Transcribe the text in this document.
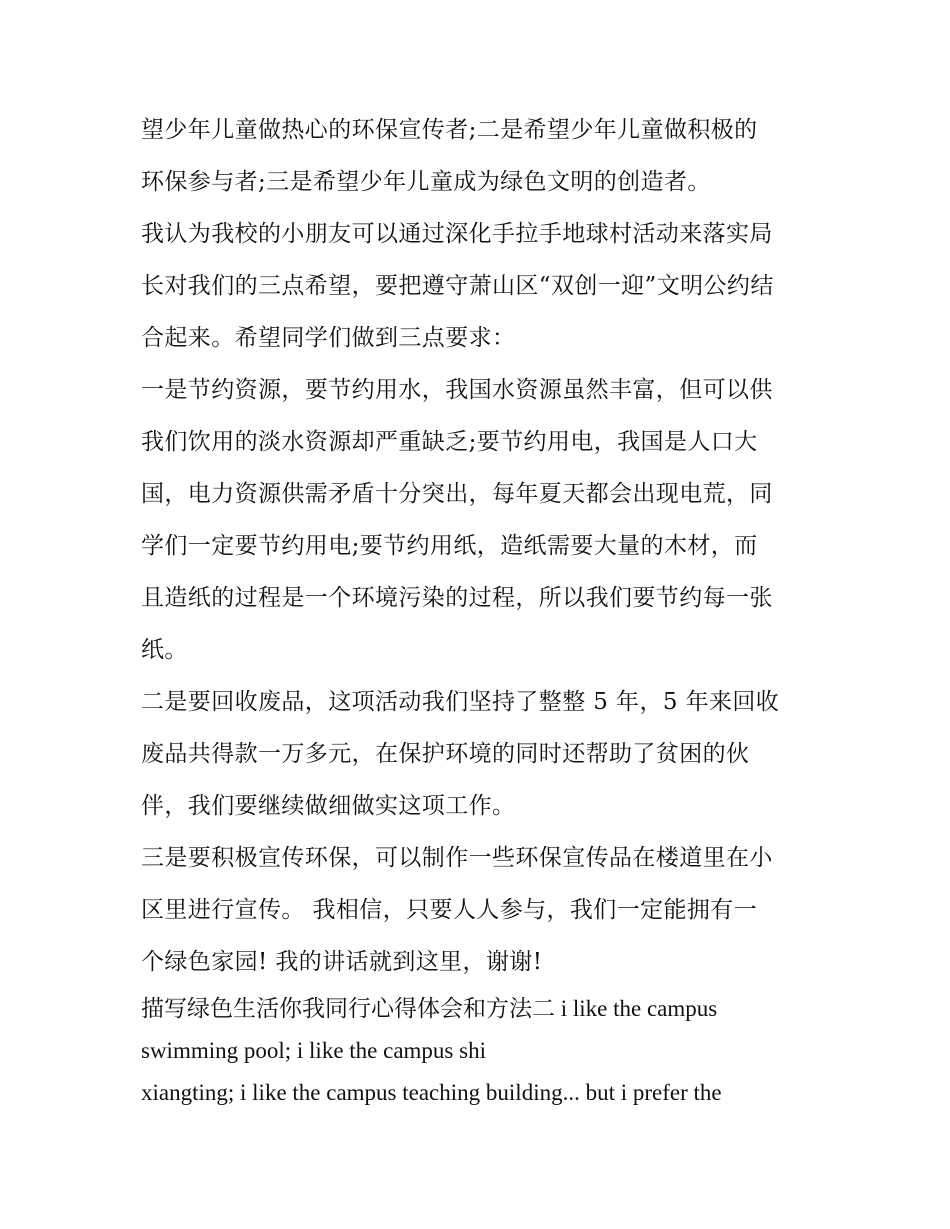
望少年儿童做热心的环保宣传者;二是希望少年儿童做积极的
环保参与者;三是希望少年儿童成为绿色文明的创造者。
我认为我校的小朋友可以通过深化手拉手地球村活动来落实局
长对我们的三点希望，要把遵守萧山区“双创一迎”文明公约结
合起来。希望同学们做到三点要求：
一是节约资源，要节约用水，我国水资源虽然丰富，但可以供
我们饮用的淡水资源却严重缺乏;要节约用电，我国是人口大
国，电力资源供需矛盾十分突出，每年夏天都会出现电荒，同
学们一定要节约用电;要节约用纸，造纸需要大量的木材，而
且造纸的过程是一个环境污染的过程，所以我们要节约每一张
纸。
二是要回收废品，这项活动我们坚持了整整 5 年，5 年来回收
废品共得款一万多元，在保护环境的同时还帮助了贫困的伙
伴，我们要继续做细做实这项工作。
三是要积极宣传环保，可以制作一些环保宣传品在楼道里在小
区里进行宣传。 我相信，只要人人参与，我们一定能拥有一
个绿色家园! 我的讲话就到这里，谢谢!
描写绿色生活你我同行心得体会和方法二 i like the campus
swimming pool; i like the campus shi
xiangting; i like the campus teaching building... but i prefer the
